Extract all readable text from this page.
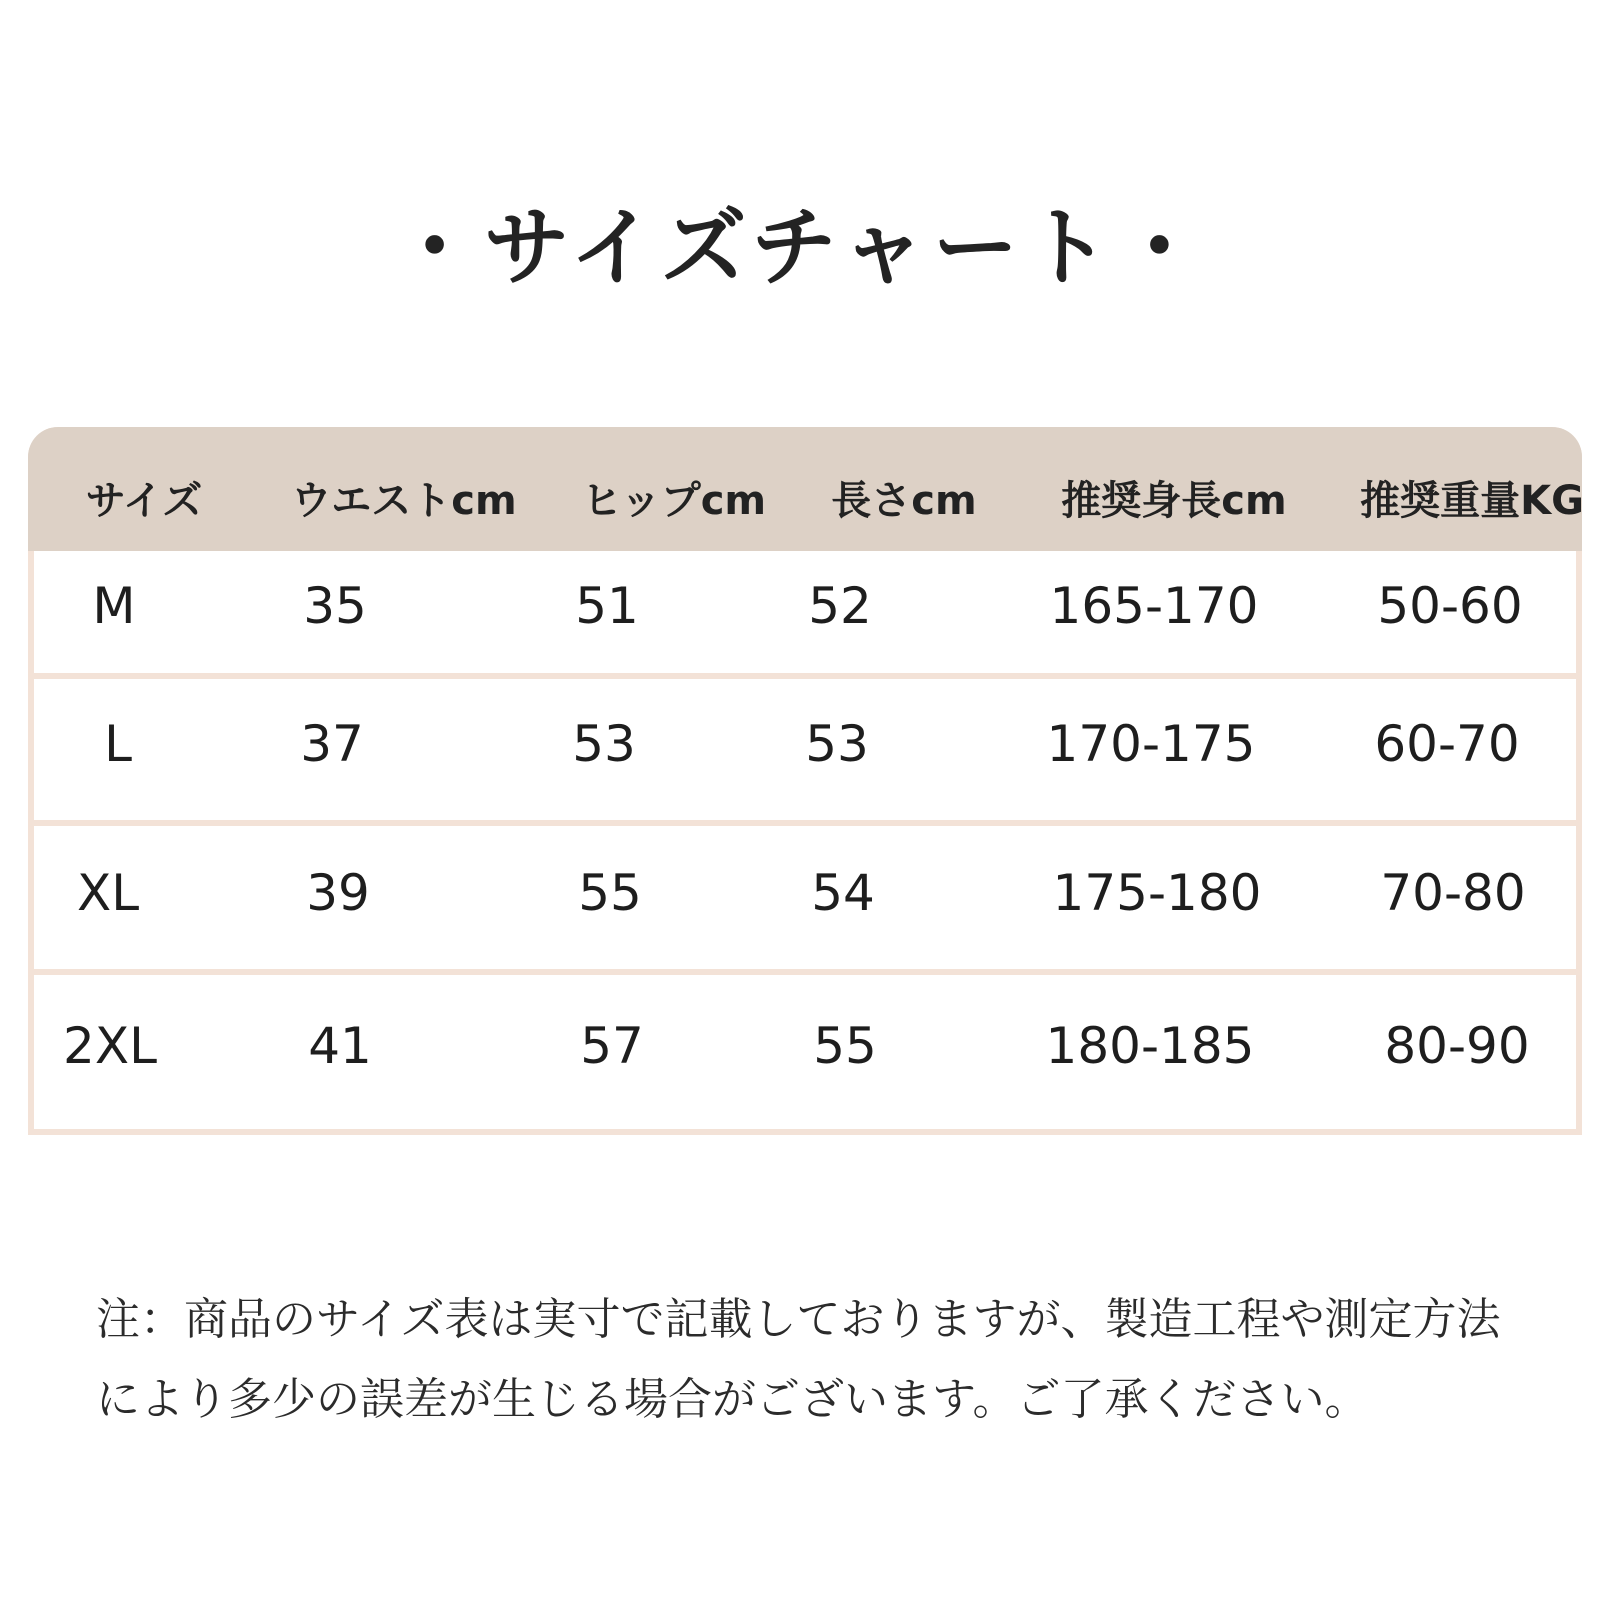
・サイズチャート・
サイズ ウエストcm ヒップcm 長さcm 推奨身長cm 推奨重量KG
M	35	51	52	165-170 50-60
L	37	53	53	170-175 60-70
XL	39	55	54	175-180 70-80
2XL	41	57	55	180-185	80-90
注：商品のサイズ表は実寸で記載しておりますが、製造工程や測定方法により多少の誤差が生じる場合がございます。ご了承ください。
